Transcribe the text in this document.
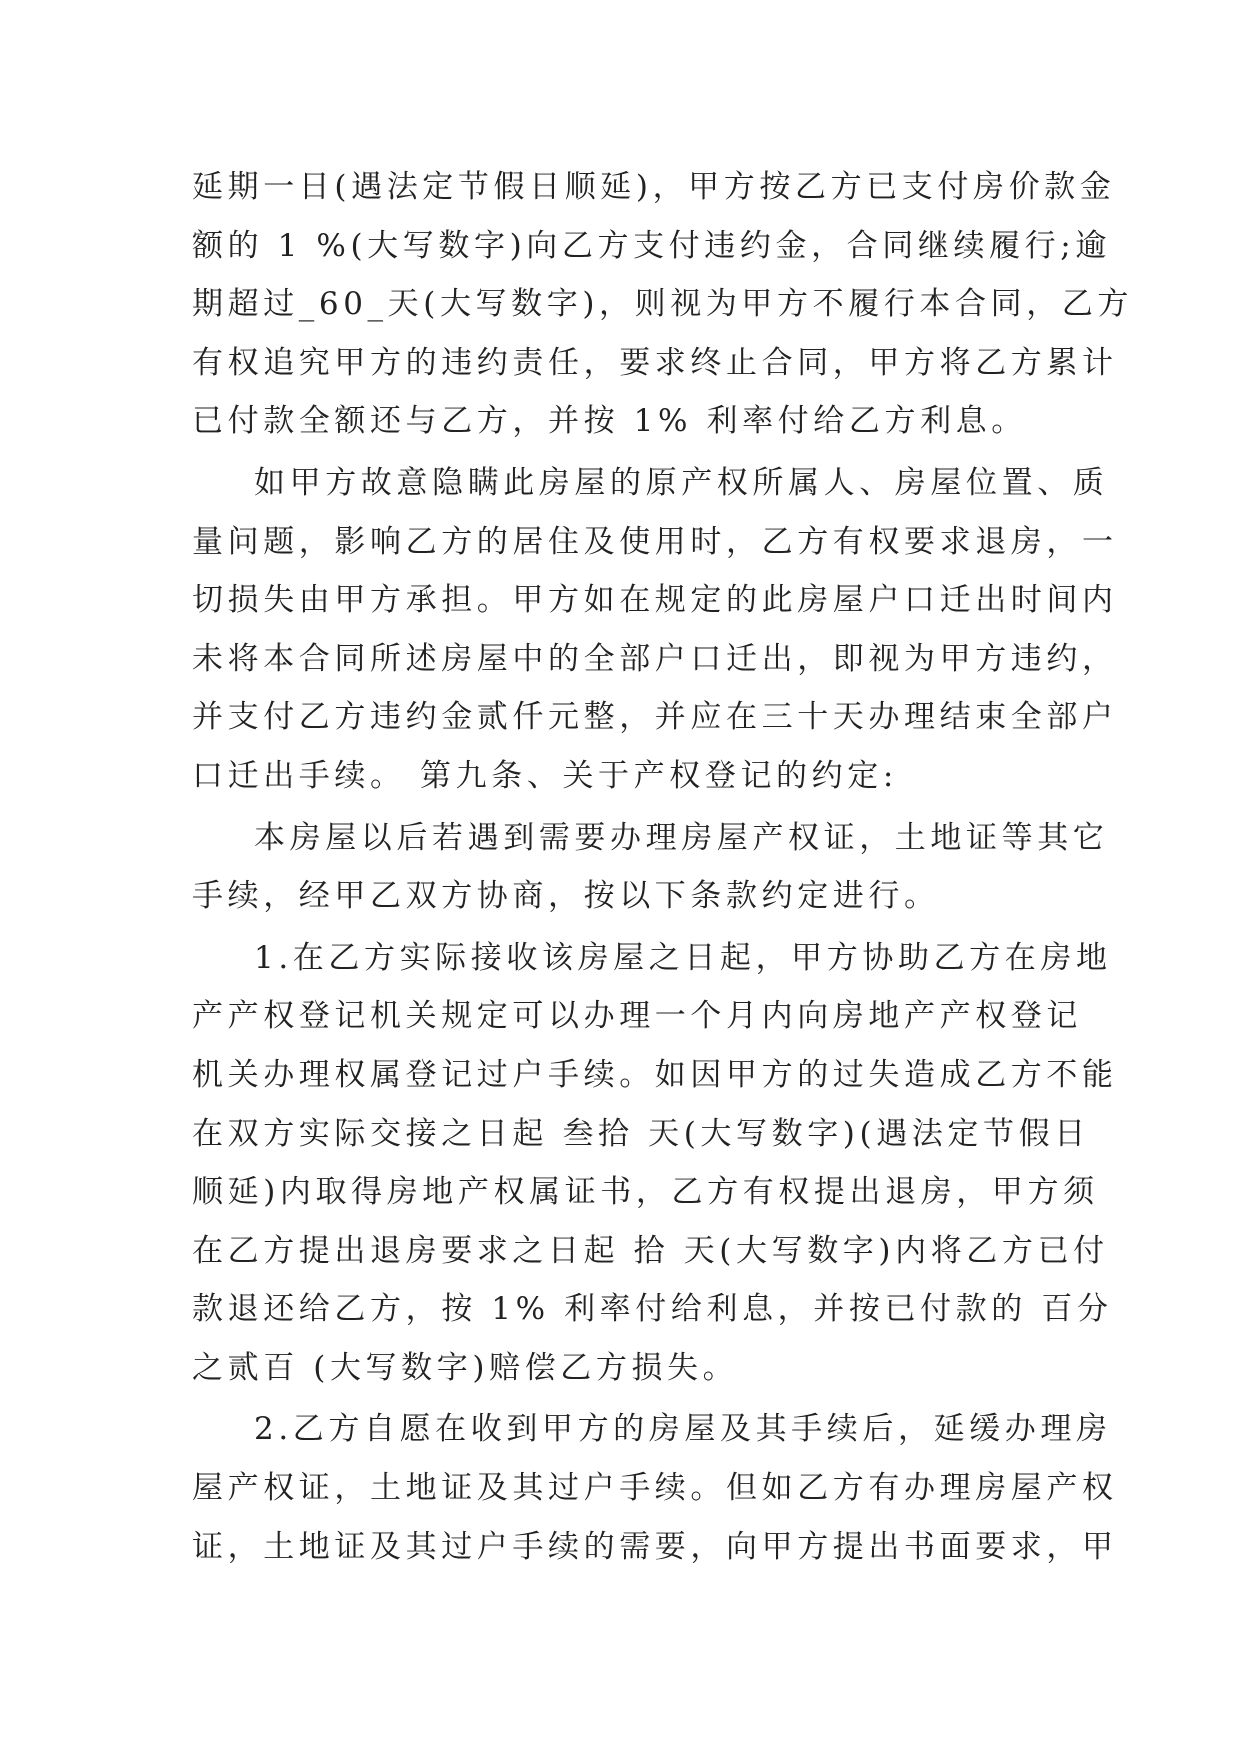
延期一日(遇法定节假日顺延)，甲方按乙方已支付房价款金
额的 1 %(大写数字)向乙方支付违约金，合同继续履行;逾
期超过_60_天(大写数字)，则视为甲方不履行本合同，乙方
有权追究甲方的违约责任，要求终止合同，甲方将乙方累计
已付款全额还与乙方，并按 1% 利率付给乙方利息。
如甲方故意隐瞒此房屋的原产权所属人、房屋位置、质
量问题，影响乙方的居住及使用时，乙方有权要求退房，一
切损失由甲方承担。甲方如在规定的此房屋户口迁出时间内
未将本合同所述房屋中的全部户口迁出，即视为甲方违约，
并支付乙方违约金贰仟元整，并应在三十天办理结束全部户
口迁出手续。 第九条、关于产权登记的约定:
本房屋以后若遇到需要办理房屋产权证，土地证等其它
手续，经甲乙双方协商，按以下条款约定进行。
1.在乙方实际接收该房屋之日起，甲方协助乙方在房地
产产权登记机关规定可以办理一个月内向房地产产权登记
机关办理权属登记过户手续。如因甲方的过失造成乙方不能
在双方实际交接之日起 叁拾 天(大写数字)(遇法定节假日
顺延)内取得房地产权属证书，乙方有权提出退房，甲方须
在乙方提出退房要求之日起 拾 天(大写数字)内将乙方已付
款退还给乙方，按 1% 利率付给利息，并按已付款的 百分
之贰百 (大写数字)赔偿乙方损失。
2.乙方自愿在收到甲方的房屋及其手续后，延缓办理房
屋产权证，土地证及其过户手续。但如乙方有办理房屋产权
证，土地证及其过户手续的需要，向甲方提出书面要求，甲
